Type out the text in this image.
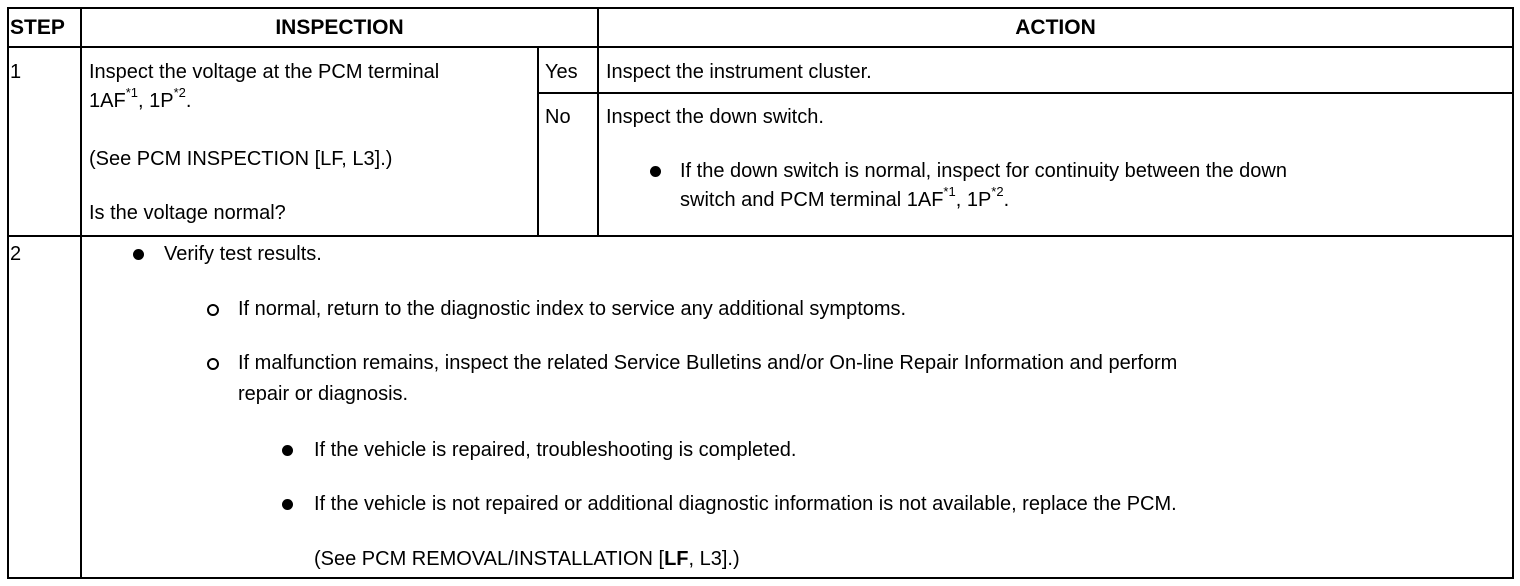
STEP	INSPECTION	ACTION
1	Inspect the voltage at the PCM terminal
1AF$^{*1}$, $1P^{*2}$.
(See PCM INSPECTION [LF, L3].)
Is the voltage normal?
Yes Inspect the instrument cluster.
No Inspect the down switch.
If the down switch is normal, inspect for continuity between the down
switch and PCM terminal 1AF$^{*1}$, $1P^{*2}$.
2	Verify test results.
If normal, return to the diagnostic index to service any additional symptoms.
If malfunction remains, inspect the related Service Bulletins and/or On-line Repair Information and perform
repair or diagnosis.
If the vehicle is repaired, troubleshooting is completed.
If the vehicle is not repaired or additional diagnostic information is not available, replace the PCM.
(See PCM REMOVAL/INSTALLATION [LF, L3].)
